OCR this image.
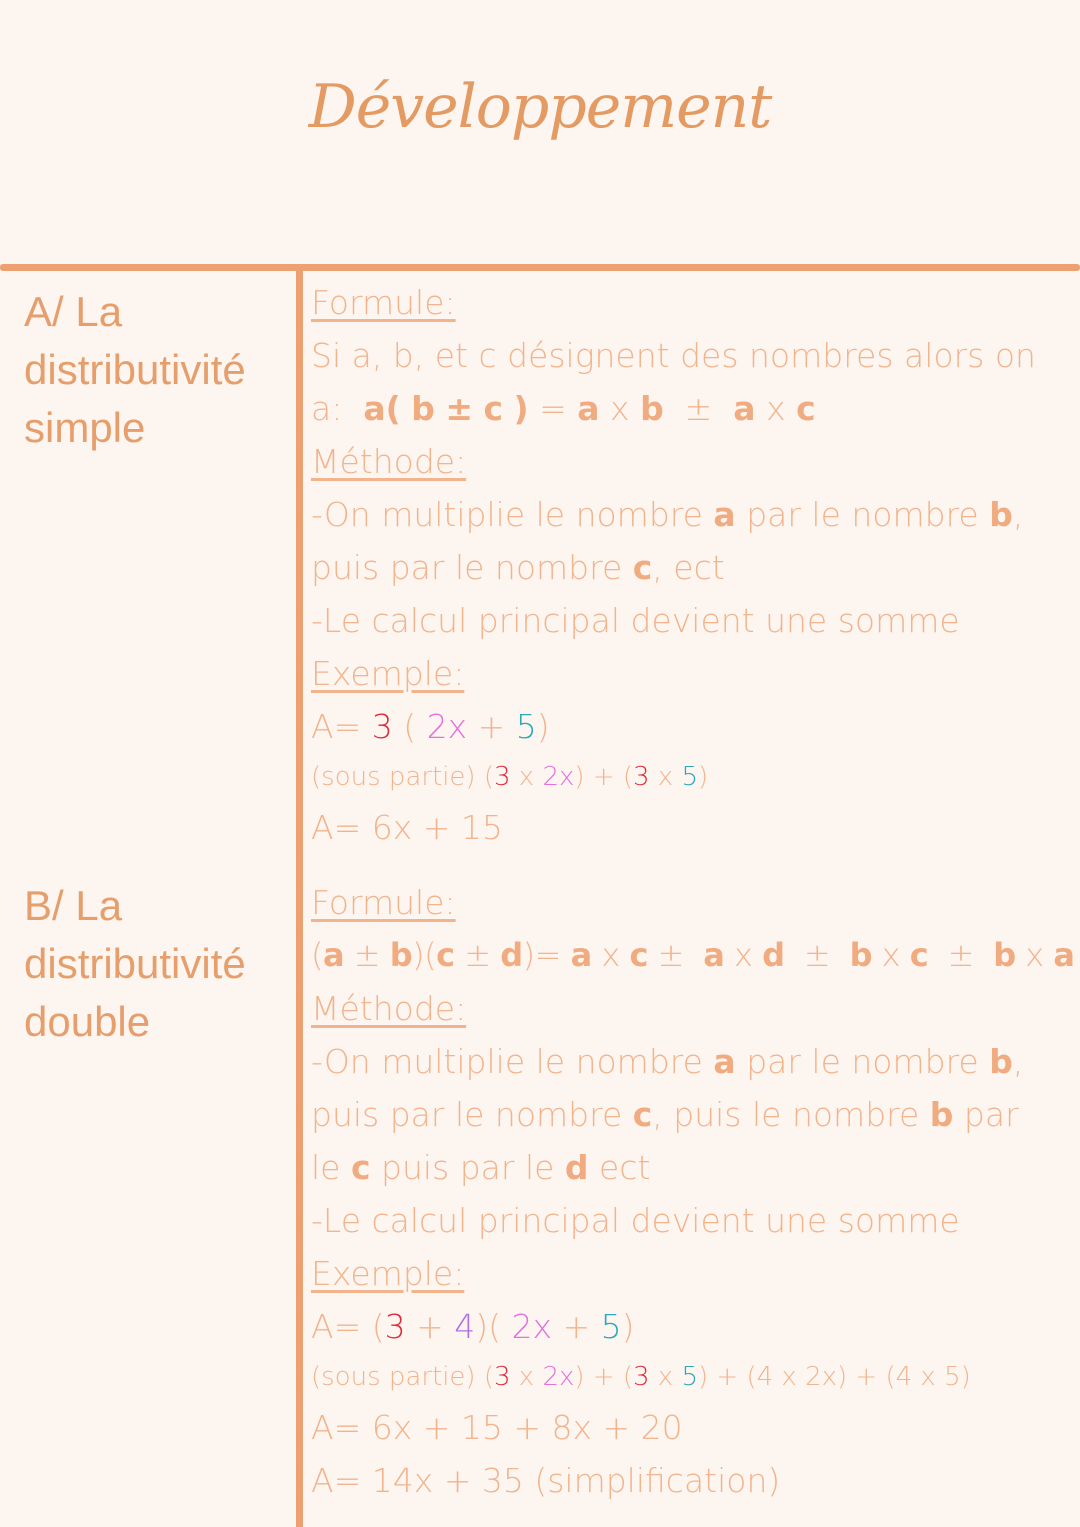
Développement
A/ La
distributivité
simple
Formule:
Si a, b, et c désignent des nombres alors on
a: a( b ± c ) = a x b  ±  a x c
Méthode:
-On multiplie le nombre a par le nombre b,
puis par le nombre c, ect
-Le calcul principal devient une somme
Exemple:
A= 3 ( 2x + 5)
(sous partie) (3 x 2x) + (3 x 5)
A= 6x + 15
B/ La
distributivité
double
Formule:
(a ± b)(c ± d)= a x c ±  a x d  ±  b x c  ±  b x a
Méthode:
-On multiplie le nombre a par le nombre b,
puis par le nombre c, puis le nombre b par
le c puis par le d ect
-Le calcul principal devient une somme
Exemple:
A= (3 + 4)( 2x + 5)
(sous partie) (3 x 2x) + (3 x 5) + (4 x 2x) + (4 x 5)
A= 6x + 15 + 8x + 20
A= 14x + 35 (simplification)
